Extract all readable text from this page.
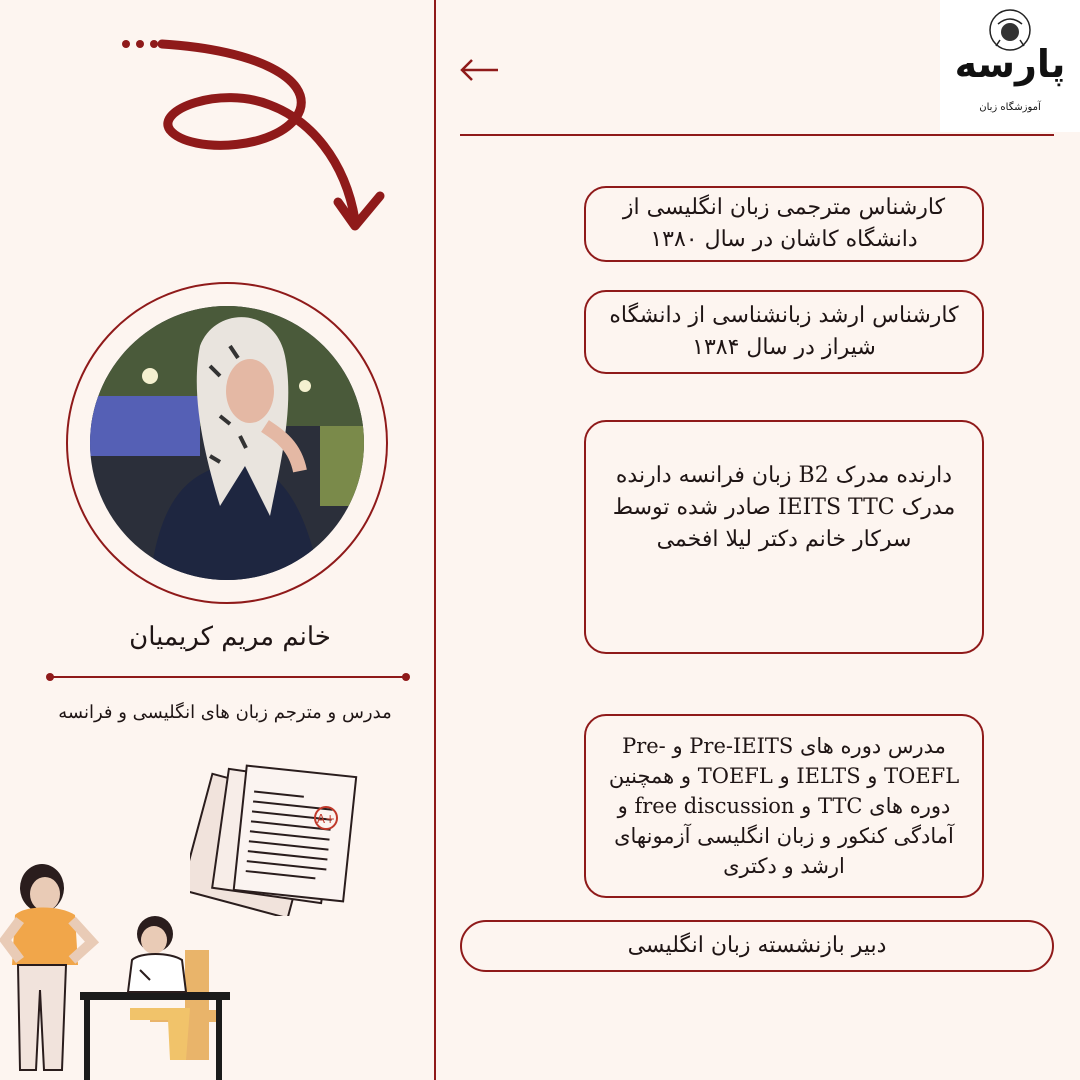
پارسه
آموزشگاه زبان
کارشناس مترجمی زبان انگلیسی از دانشگاه کاشان در سال ۱۳۸۰
کارشناس ارشد زبانشناسی از دانشگاه شیراز در سال ۱۳۸۴
دارنده مدرک B2 زبان فرانسه دارنده مدرک IEITS TTC صادر شده توسط سرکار خانم دکتر لیلا افخمی
مدرس دوره های Pre-IEITS و Pre-TOEFL و IELTS و TOEFL و همچنین دوره های TTC و free discussion و آمادگی کنکور و زبان انگلیسی آزمونهای ارشد و دکتری
دبیر بازنشسته زبان انگلیسی
خانم مریم کریمیان
مدرس و مترجم زبان های انگلیسی و فرانسه
A+
